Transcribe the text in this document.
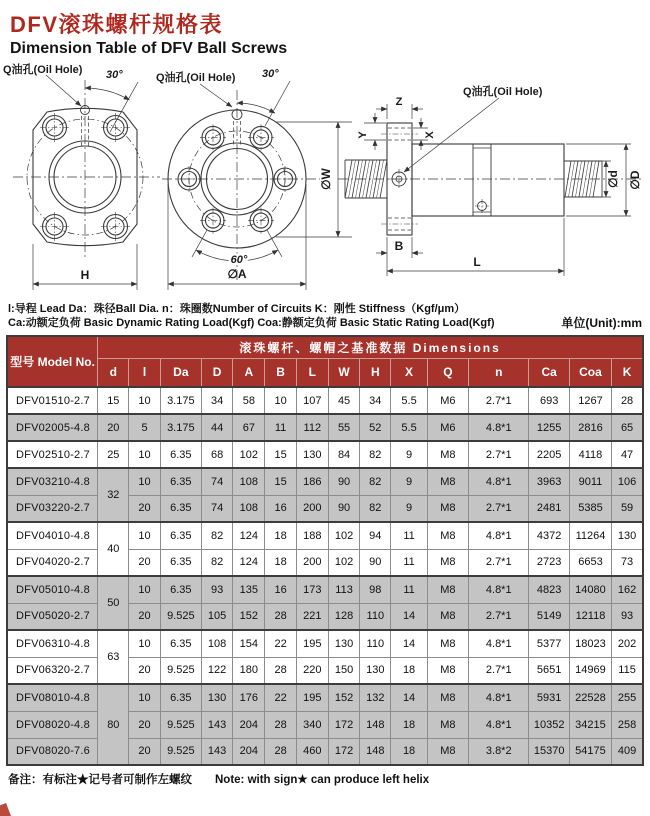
DFV滚珠螺杆规格表
Dimension Table of DFV Ball Screws
Q油孔(Oil Hole) 30°
H
Q油孔(Oil Hole) 30°
60°
∅A
∅W
Q油孔(Oil Hole)
Z
Y	X
B
L
∅d ∅D
l:导程 Lead Da：珠径Ball Dia. n：珠圈数Number of Circuits K：刚性 Stiffness（Kgf/μm）
Ca:动额定负荷 Basic Dynamic Rating Load(Kgf) Coa:静额定负荷 Basic Static Rating Load(Kgf)	单位(Unit):mm
型号 Model No.	滚珠螺杆、螺帽之基准数据 Dimensions														
	d	l	Da	D	A	B	L	W	H	X	Q	n	Ca	Coa	K
DFV01510-2.7	15	10	3.175	34	58	10	107	45	34	5.5	M6	2.7*1	693	1267	28
DFV02005-4.8	20	5	3.175	44	67	11	112	55	52	5.5	M6	4.8*1	1255	2816	65
DFV02510-2.7	25	10	6.35	68	102	15	130	84	82	9	M8	2.7*1	2205	4118	47
DFV03210-4.8	32	10	6.35	74	108	15	186	90	82	9	M8	4.8*1	3963	9011	106
DFV03220-2.7		20	6.35	74	108	16	200	90	82	9	M8	2.7*1	2481	5385	59
DFV04010-4.8	40	10	6.35	82	124	18	188	102	94	11	M8	4.8*1	4372	11264	130
DFV04020-2.7		20	6.35	82	124	18	200	102	90	11	M8	2.7*1	2723	6653	73
DFV05010-4.8	50	10	6.35	93	135	16	173	113	98	11	M8	4.8*1	4823	14080	162
DFV05020-2.7		20	9.525	105	152	28	221	128	110	14	M8	2.7*1	5149	12118	93
DFV06310-4.8	63	10	6.35	108	154	22	195	130	110	14	M8	4.8*1	5377	18023	202
DFV06320-2.7		20	9.525	122	180	28	220	150	130	18	M8	2.7*1	5651	14969	115
DFV08010-4.8	80	10	6.35	130	176	22	195	152	132	14	M8	4.8*1	5931	22528	255
DFV08020-4.8		20	9.525	143	204	28	340	172	148	18	M8	4.8*1	10352	34215	258
DFV08020-7.6		20	9.525	143	204	28	460	172	148	18	M8	3.8*2	15370	54175	409
备注：有标注★记号者可制作左螺纹　　Note: with sign★ can produce left helix
